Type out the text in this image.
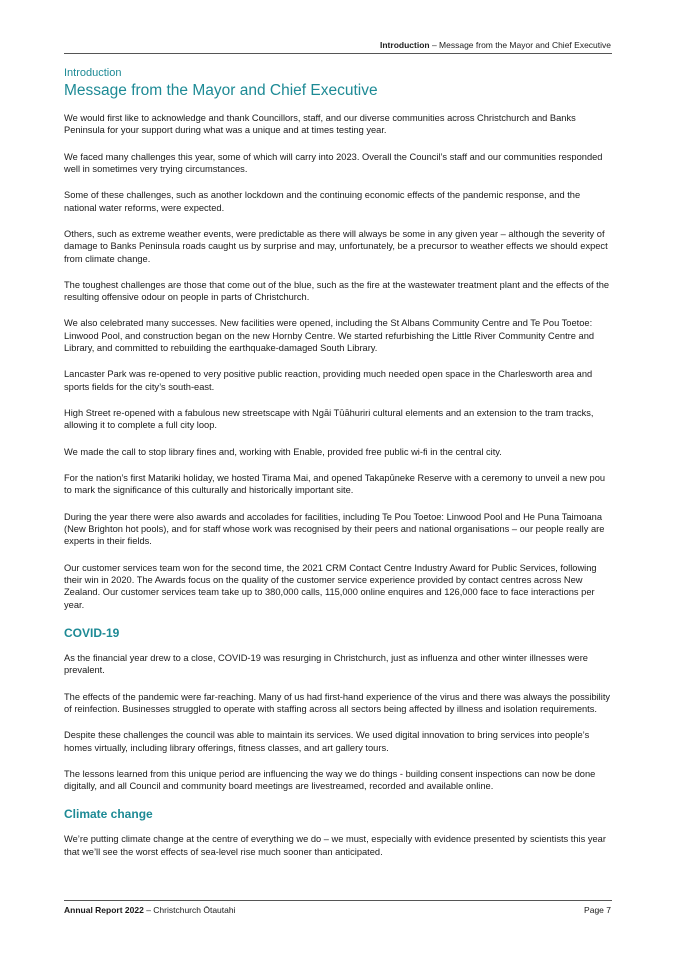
Introduction – Message from the Mayor and Chief Executive

Introduction

Message from the Mayor and Chief Executive

We would first like to acknowledge and thank Councillors, staff, and our diverse communities across Christchurch and Banks Peninsula for your support during what was a unique and at times testing year.

We faced many challenges this year, some of which will carry into 2023. Overall the Council’s staff and our communities responded well in sometimes very trying circumstances.

Some of these challenges, such as another lockdown and the continuing economic effects of the pandemic response, and the national water reforms, were expected.

Others, such as extreme weather events, were predictable as there will always be some in any given year – although the severity of damage to Banks Peninsula roads caught us by surprise and may, unfortunately, be a precursor to weather effects we should expect from climate change.

The toughest challenges are those that come out of the blue, such as the fire at the wastewater treatment plant and the effects of the resulting offensive odour on people in parts of Christchurch.

We also celebrated many successes. New facilities were opened, including the St Albans Community Centre and Te Pou Toetoe: Linwood Pool, and construction began on the new Hornby Centre. We started refurbishing the Little River Community Centre and Library, and committed to rebuilding the earthquake-damaged South Library.

Lancaster Park was re-opened to very positive public reaction, providing much needed open space in the Charlesworth area and sports fields for the city’s south-east.

High Street re-opened with a fabulous new streetscape with Ngāi Tūāhuriri cultural elements and an extension to the tram tracks, allowing it to complete a full city loop.

We made the call to stop library fines and, working with Enable, provided free public wi-fi in the central city.

For the nation’s first Matariki holiday, we hosted Tirama Mai, and opened Takapūneke Reserve with a ceremony to unveil a new pou to mark the significance of this culturally and historically important site.

During the year there were also awards and accolades for facilities, including Te Pou Toetoe: Linwood Pool and He Puna Taimoana (New Brighton hot pools), and for staff whose work was recognised by their peers and national organisations – our people really are experts in their fields.

Our customer services team won for the second time, the 2021 CRM Contact Centre Industry Award for Public Services, following their win in 2020. The Awards focus on the quality of the customer service experience provided by contact centres across New Zealand. Our customer services team take up to 380,000 calls, 115,000 online enquires and 126,000 face to face interactions per year.

COVID-19

As the financial year drew to a close, COVID-19 was resurging in Christchurch, just as influenza and other winter illnesses were prevalent.

The effects of the pandemic were far-reaching. Many of us had first-hand experience of the virus and there was always the possibility of reinfection. Businesses struggled to operate with staffing across all sectors being affected by illness and isolation requirements.

Despite these challenges the council was able to maintain its services. We used digital innovation to bring services into people’s homes virtually, including library offerings, fitness classes, and art gallery tours.

The lessons learned from this unique period are influencing the way we do things - building consent inspections can now be done digitally, and all Council and community board meetings are livestreamed, recorded and available online.

Climate change

We’re putting climate change at the centre of everything we do – we must, especially with evidence presented by scientists this year that we’ll see the worst effects of sea-level rise much sooner than anticipated.

Annual Report 2022 – Christchurch Ōtautahi	Page 7
